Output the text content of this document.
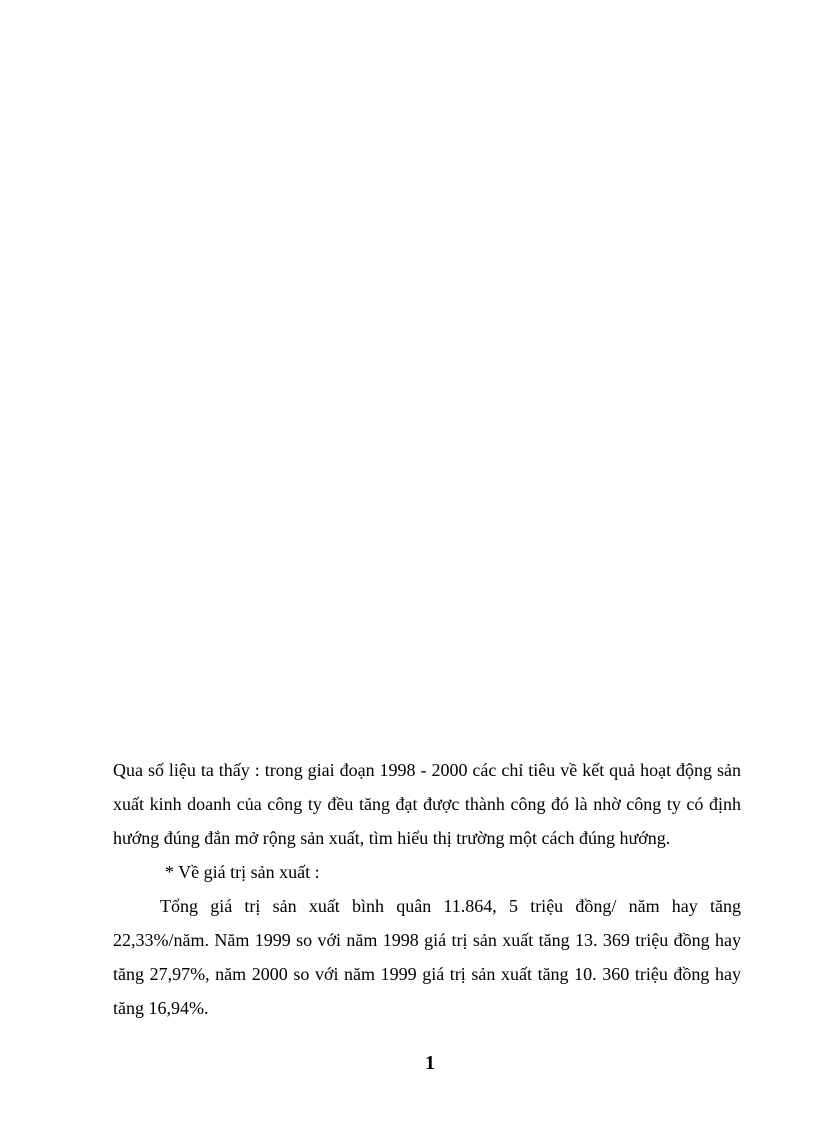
Qua số liệu ta thấy : trong giai đoạn 1998 - 2000 các chỉ tiêu về kết quả hoạt động sản xuất kinh doanh của công ty đều tăng đạt được thành công đó là nhờ công ty có định hướng đúng đắn mở rộng sản xuất, tìm hiểu thị trường một cách đúng hướng.

* Về giá trị sản xuất :

Tổng giá trị sản xuất bình quân 11.864, 5 triệu đồng/ năm hay tăng 22,33%/năm. Năm 1999 so với năm 1998 giá trị sản xuất tăng 13. 369 triệu đồng hay tăng 27,97%, năm 2000 so với năm 1999 giá trị sản xuất tăng 10. 360 triệu đồng hay tăng 16,94%.

1
